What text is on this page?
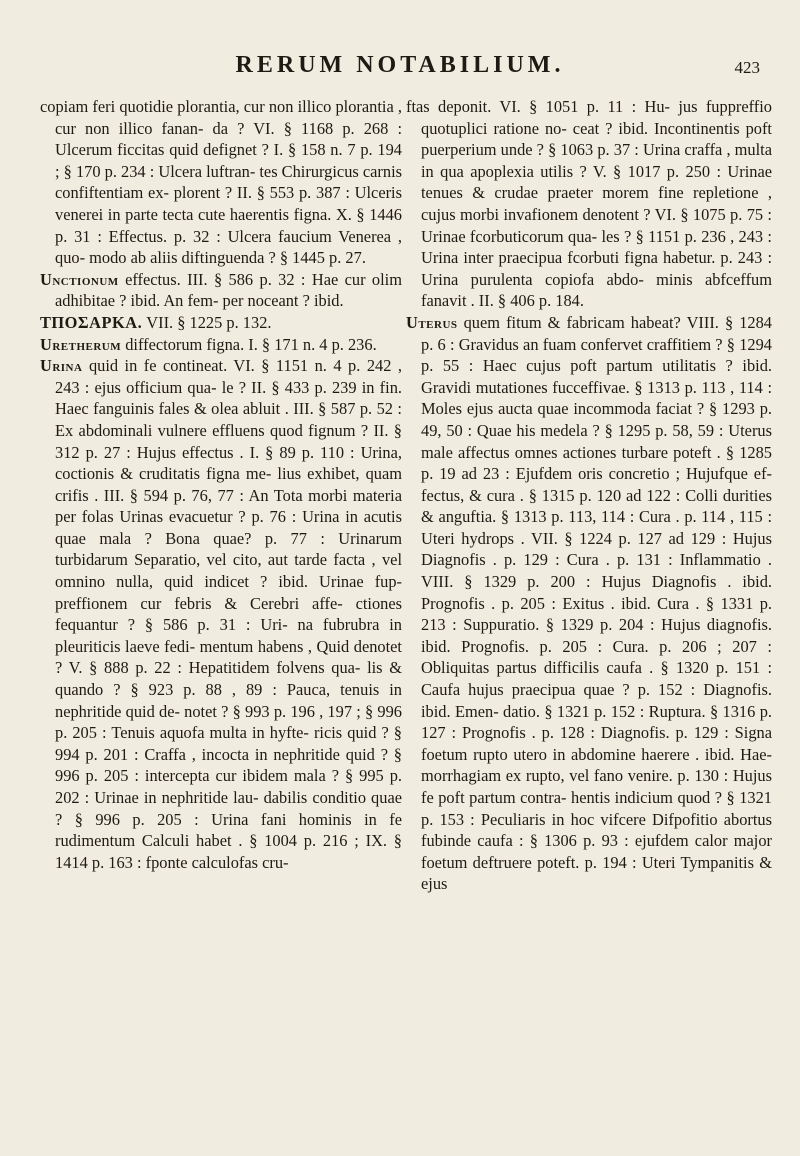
RERUM NOTABILIUM.	423

copiam feri quotidie plorantia, cur non illico plorantia , cur non illico fanan- da ? VI. § 1168 p. 268 : Ulcerum ficcitas quid defignet ? I. § 158 n. 7 p. 194 ; § 170 p. 234 : Ulcera luftran- tes Chirurgicus carnis confiftentiam ex- plorent ? II. § 553 p. 387 : Ulceris venerei in parte tecta cute haerentis figna. X. § 1446 p. 31 : Effectus. p. 32 : Ulcera faucium Venerea , quo- modo ab aliis diftinguenda ? § 1445 p. 27.

Unctionum effectus. III. § 586 p. 32 : Hae cur olim adhibitae ? ibid. An fem- per noceant ? ibid.

ΤΠΟΣΑΡΚΑ. VII. § 1225 p. 132.

Uretherum diffectorum figna. I. § 171 n. 4 p. 236.

Urina quid in fe contineat. VI. § 1151 n. 4 p. 242 , 243 : ejus officium qua- le ? II. § 433 p. 239 in fin. Haec fanguinis fales & olea abluit . III. § 587 p. 52 : Ex abdominali vulnere effluens quod fignum ? II. § 312 p. 27 : Hujus effectus . I. § 89 p. 110 : Urina, coctionis & cruditatis figna me- lius exhibet, quam crifis . III. § 594 p. 76, 77 : An Tota morbi materia per folas Urinas evacuetur ? p. 76 : Urina in acutis quae mala ? Bona quae? p. 77 : Urinarum turbidarum Separatio, vel cito, aut tarde facta , vel omnino nulla, quid indicet ? ibid. Urinae fup- preffionem cur febris & Cerebri affe- ctiones fequantur ? § 586 p. 31 : Uri- na fubrubra in pleuriticis laeve fedi- mentum habens , Quid denotet ? V. § 888 p. 22 : Hepatitidem folvens qua- lis & quando ? § 923 p. 88 , 89 : Pauca, tenuis in nephritide quid de- notet ? § 993 p. 196 , 197 ; § 996 p. 205 : Tenuis aquofa multa in hyfte- ricis quid ? § 994 p. 201 : Craffa , incocta in nephritide quid ? § 996 p. 205 : intercepta cur ibidem mala ? § 995 p. 202 : Urinae in nephritide lau- dabilis conditio quae ? § 996 p. 205 : Urina fani hominis in fe rudimentum Calculi habet . § 1004 p. 216 ; IX. § 1414 p. 163 : fponte calculofas cru-

ftas deponit. VI. § 1051 p. 11 : Hu- jus fuppreffio quotuplici ratione no- ceat ? ibid. Incontinentis poft puerperium unde ? § 1063 p. 37 : Urina craffa , multa in qua apoplexia utilis ? V. § 1017 p. 250 : Urinae tenues & crudae praeter morem fine repletione , cujus morbi invafionem denotent ? VI. § 1075 p. 75 : Urinae fcorbuticorum qua- les ? § 1151 p. 236 , 243 : Urina inter praecipua fcorbuti figna habetur. p. 243 : Urina purulenta copiofa abdo- minis abfceffum fanavit . II. § 406 p. 184.

Uterus quem fitum & fabricam habeat? VIII. § 1284 p. 6 : Gravidus an fuam confervet craffitiem ? § 1294 p. 55 : Haec cujus poft partum utilitatis ? ibid. Gravidi mutationes fucceffivae. § 1313 p. 113 , 114 : Moles ejus aucta quae incommoda faciat ? § 1293 p. 49, 50 : Quae his medela ? § 1295 p. 58, 59 : Uterus male affectus omnes actiones turbare poteft . § 1285 p. 19 ad 23 : Ejufdem oris concretio ; Hujufque ef- fectus, & cura . § 1315 p. 120 ad 122 : Colli durities & anguftia. § 1313 p. 113, 114 : Cura . p. 114 , 115 : Uteri hydrops . VII. § 1224 p. 127 ad 129 : Hujus Diagnofis . p. 129 : Cura . p. 131 : Inflammatio . VIII. § 1329 p. 200 : Hujus Diagnofis . ibid. Prognofis . p. 205 : Exitus . ibid. Cura . § 1331 p. 213 : Suppuratio. § 1329 p. 204 : Hujus diagnofis. ibid. Prognofis. p. 205 : Cura. p. 206 ; 207 : Obliquitas partus difficilis caufa . § 1320 p. 151 : Caufa hujus praecipua quae ? p. 152 : Diagnofis. ibid. Emen- datio. § 1321 p. 152 : Ruptura. § 1316 p. 127 : Prognofis . p. 128 : Diagnofis. p. 129 : Signa foetum rupto utero in abdomine haerere . ibid. Hae- morrhagiam ex rupto, vel fano venire. p. 130 : Hujus fe poft partum contra- hentis indicium quod ? § 1321 p. 153 : Peculiaris in hoc vifcere Difpofitio abortus fubinde caufa : § 1306 p. 93 : ejufdem calor major foetum deftruere poteft. p. 194 : Uteri Tympanitis & ejus
